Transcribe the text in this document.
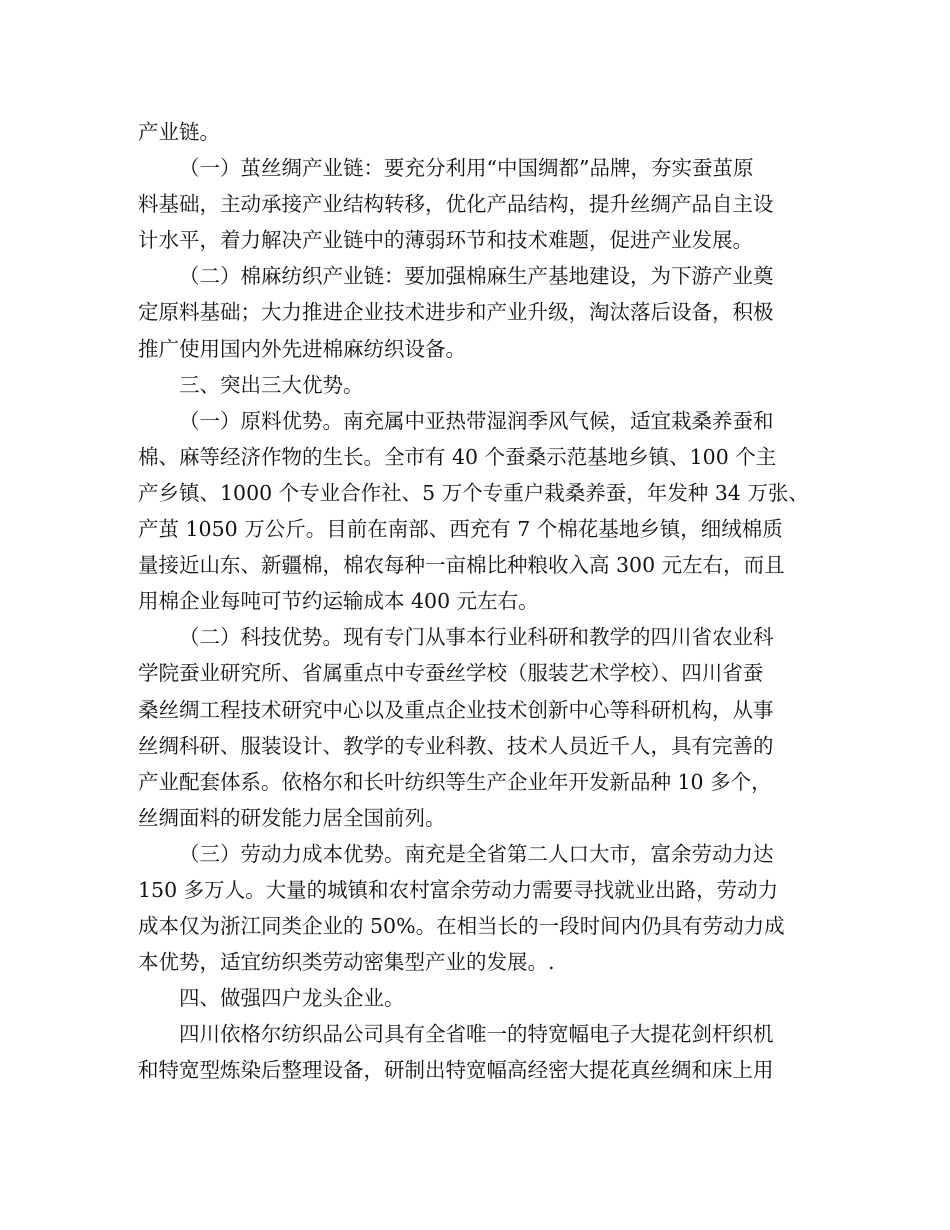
产业链。
（一）茧丝绸产业链：要充分利用“中国绸都”品牌，夯实蚕茧原
料基础，主动承接产业结构转移，优化产品结构，提升丝绸产品自主设
计水平，着力解决产业链中的薄弱环节和技术难题，促进产业发展。
（二）棉麻纺织产业链：要加强棉麻生产基地建设，为下游产业奠
定原料基础；大力推进企业技术进步和产业升级，淘汰落后设备，积极
推广使用国内外先进棉麻纺织设备。
三、突出三大优势。
（一）原料优势。南充属中亚热带湿润季风气候，适宜栽桑养蚕和
棉、麻等经济作物的生长。全市有 40 个蚕桑示范基地乡镇、100 个主
产乡镇、1000 个专业合作社、5 万个专重户栽桑养蚕，年发种 34 万张、
产茧 1050 万公斤。目前在南部、西充有 7 个棉花基地乡镇，细绒棉质
量接近山东、新疆棉，棉农每种一亩棉比种粮收入高 300 元左右，而且
用棉企业每吨可节约运输成本 400 元左右。
（二）科技优势。现有专门从事本行业科研和教学的四川省农业科
学院蚕业研究所、省属重点中专蚕丝学校（服装艺术学校）、四川省蚕
桑丝绸工程技术研究中心以及重点企业技术创新中心等科研机构，从事
丝绸科研、服装设计、教学的专业科教、技术人员近千人，具有完善的
产业配套体系。依格尔和长叶纺织等生产企业年开发新品种 10 多个，
丝绸面料的研发能力居全国前列。
（三）劳动力成本优势。南充是全省第二人口大市，富余劳动力达
150 多万人。大量的城镇和农村富余劳动力需要寻找就业出路，劳动力
成本仅为浙江同类企业的 50%。在相当长的一段时间内仍具有劳动力成
本优势，适宜纺织类劳动密集型产业的发展。.
四、做强四户龙头企业。
四川依格尔纺织品公司具有全省唯一的特宽幅电子大提花剑杆织机
和特宽型炼染后整理设备，研制出特宽幅高经密大提花真丝绸和床上用
